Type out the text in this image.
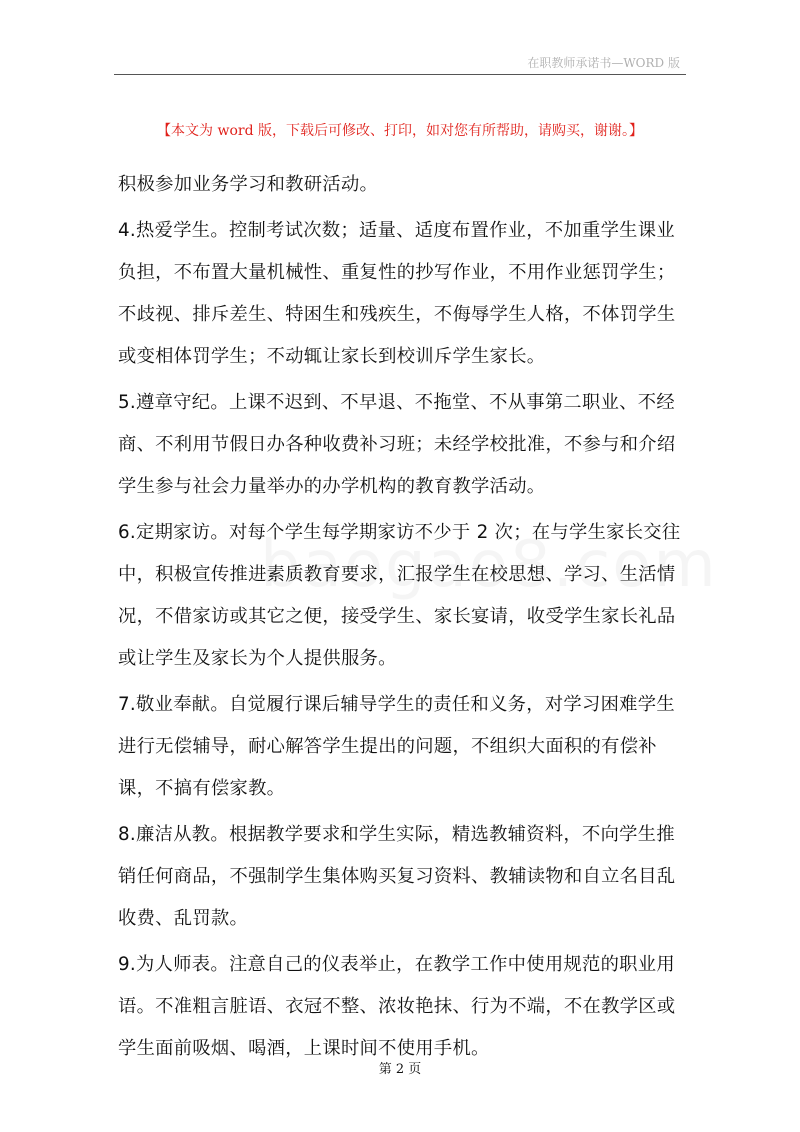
在职教师承诺书—WORD 版
【本文为 word 版，下载后可修改、打印，如对您有所帮助，请购买，谢谢。】

积极参加业务学习和教研活动。

4.热爱学生。控制考试次数；适量、适度布置作业，不加重学生课业负担，不布置大量机械性、重复性的抄写作业，不用作业惩罚学生；不歧视、排斥差生、特困生和残疾生，不侮辱学生人格，不体罚学生或变相体罚学生；不动辄让家长到校训斥学生家长。

5.遵章守纪。上课不迟到、不早退、不拖堂、不从事第二职业、不经商、不利用节假日办各种收费补习班；未经学校批准，不参与和介绍学生参与社会力量举办的办学机构的教育教学活动。

6.定期家访。对每个学生每学期家访不少于 2 次；在与学生家长交往中，积极宣传推进素质教育要求，汇报学生在校思想、学习、生活情况，不借家访或其它之便，接受学生、家长宴请，收受学生家长礼品或让学生及家长为个人提供服务。

7.敬业奉献。自觉履行课后辅导学生的责任和义务，对学习困难学生进行无偿辅导，耐心解答学生提出的问题，不组织大面积的有偿补课，不搞有偿家教。

8.廉洁从教。根据教学要求和学生实际，精选教辅资料，不向学生推销任何商品，不强制学生集体购买复习资料、教辅读物和自立名目乱收费、乱罚款。

9.为人师表。注意自己的仪表举止，在教学工作中使用规范的职业用语。不准粗言脏语、衣冠不整、浓妆艳抹、行为不端，不在教学区或学生面前吸烟、喝酒，上课时间不使用手机。

第 2 页
